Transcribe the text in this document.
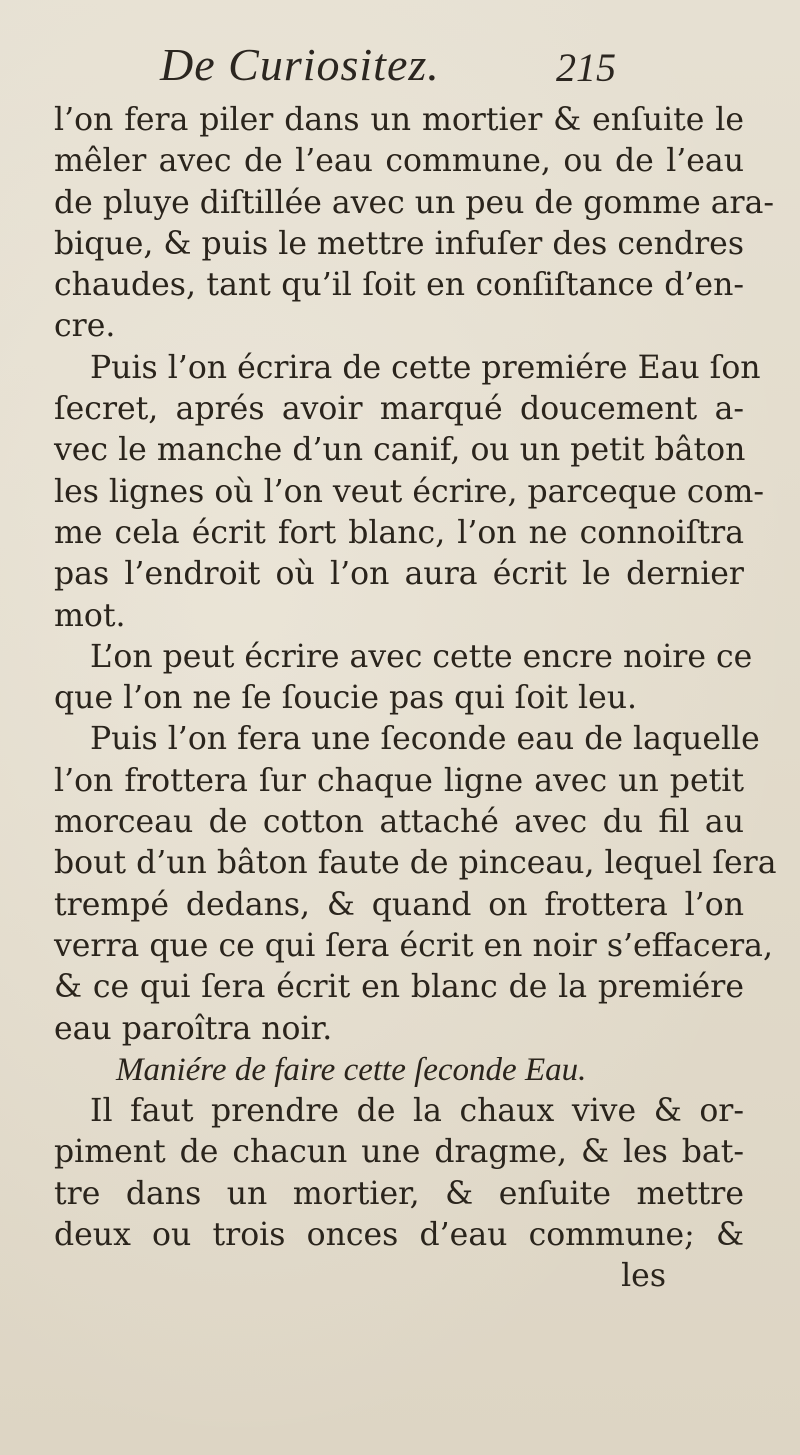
De Curiositez.	215

l’on fera piler dans un mortier & enſuite le
mêler avec de l’eau commune, ou de l’eau
de pluye diſtillée avec un peu de gomme ara-
bique, & puis le mettre infuſer des cendres
chaudes, tant qu’il ſoit en conſiſtance d’en-
cre.

Puis l’on écrira de cette premiére Eau ſon
ſecret, aprés avoir marqué doucement a-
vec le manche d’un canif, ou un petit bâton
les lignes où l’on veut écrire, parceque com-
me cela écrit fort blanc, l’on ne connoiſtra
pas l’endroit où l’on aura écrit le dernier
mot.

L’on peut écrire avec cette encre noire ce
que l’on ne ſe ſoucie pas qui ſoit leu.

Puis l’on fera une ſeconde eau de laquelle
l’on frottera ſur chaque ligne avec un petit
morceau de cotton attaché avec du fil au
bout d’un bâton faute de pinceau, lequel ſera
trempé dedans, & quand on frottera l’on
verra que ce qui ſera écrit en noir s’effacera,
& ce qui ſera écrit en blanc de la premiére
eau paroîtra noir.

Maniére de faire cette ſeconde Eau.

Il faut prendre de la chaux vive & or-
piment de chacun une dragme, & les bat-
tre dans un mortier, & enſuite mettre
deux ou trois onces d’eau commune; &

les
